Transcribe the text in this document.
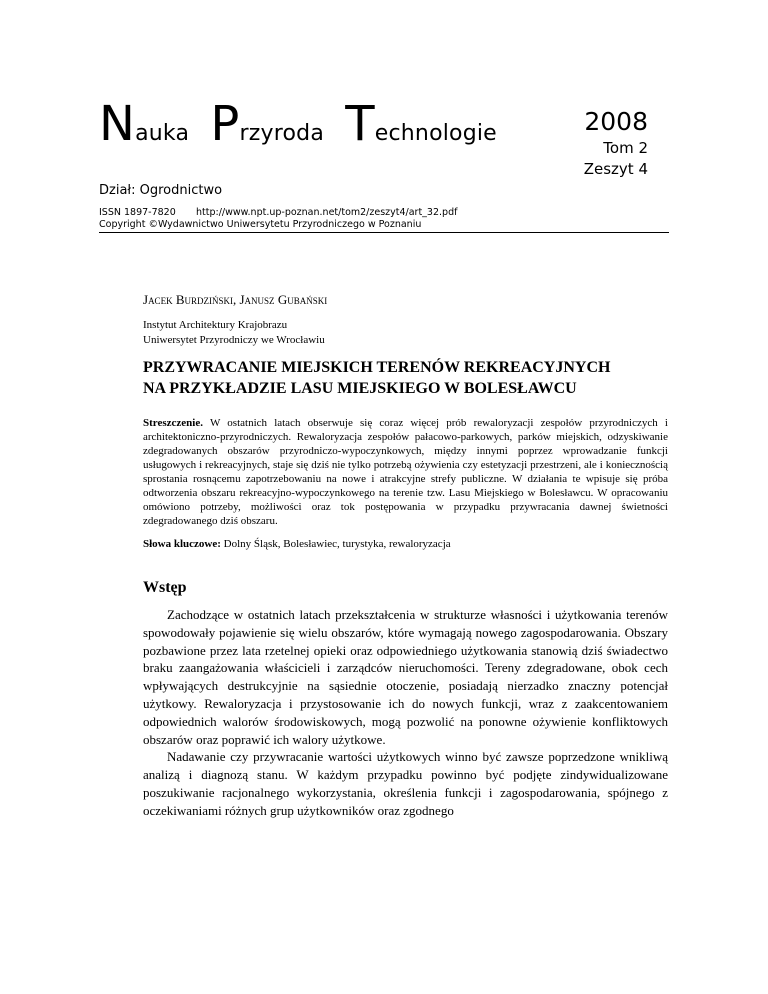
Nauka Przyroda Technologie	2008
Tom 2
Zeszyt 4
Dział: Ogrodnictwo
ISSN 1897-7820 http://www.npt.up-poznan.net/tom2/zeszyt4/art_32.pdf
Copyright ©Wydawnictwo Uniwersytetu Przyrodniczego w Poznaniu
Jacek Burdziński, Janusz Gubański
Instytut Architektury Krajobrazu
Uniwersytet Przyrodniczy we Wrocławiu
PRZYWRACANIE MIEJSKICH TERENÓW REKREACYJNYCH
NA PRZYKŁADZIE LASU MIEJSKIEGO W BOLESŁAWCU
Streszczenie. W ostatnich latach obserwuje się coraz więcej prób rewaloryzacji zespołów przyrodniczych i architektoniczno-przyrodniczych. Rewaloryzacja zespołów pałacowo-parkowych, parków miejskich, odzyskiwanie zdegradowanych obszarów przyrodniczo-wypoczynkowych, między innymi poprzez wprowadzanie funkcji usługowych i rekreacyjnych, staje się dziś nie tylko potrzebą ożywienia czy estetyzacji przestrzeni, ale i koniecznością sprostania rosnącemu zapotrzebowaniu na nowe i atrakcyjne strefy publiczne. W działania te wpisuje się próba odtworzenia obszaru rekreacyjno-wypoczynkowego na terenie tzw. Lasu Miejskiego w Bolesławcu. W opracowaniu omówiono potrzeby, możliwości oraz tok postępowania w przypadku przywracania dawnej świetności zdegradowanego dziś obszaru.
Słowa kluczowe: Dolny Śląsk, Bolesławiec, turystyka, rewaloryzacja
Wstęp

Zachodzące w ostatnich latach przekształcenia w strukturze własności i użytkowania terenów spowodowały pojawienie się wielu obszarów, które wymagają nowego zagospodarowania. Obszary pozbawione przez lata rzetelnej opieki oraz odpowiedniego użytkowania stanowią dziś świadectwo braku zaangażowania właścicieli i zarządców nieruchomości. Tereny zdegradowane, obok cech wpływających destrukcyjnie na sąsiednie otoczenie, posiadają nierzadko znaczny potencjał użytkowy. Rewaloryzacja i przystosowanie ich do nowych funkcji, wraz z zaakcentowaniem odpowiednich walorów środowiskowych, mogą pozwolić na ponowne ożywienie konfliktowych obszarów oraz poprawić ich walory użytkowe.

Nadawanie czy przywracanie wartości użytkowych winno być zawsze poprzedzone wnikliwą analizą i diagnozą stanu. W każdym przypadku powinno być podjęte zindywidualizowane poszukiwanie racjonalnego wykorzystania, określenia funkcji i zagospodarowania, spójnego z oczekiwaniami różnych grup użytkowników oraz zgodnego
